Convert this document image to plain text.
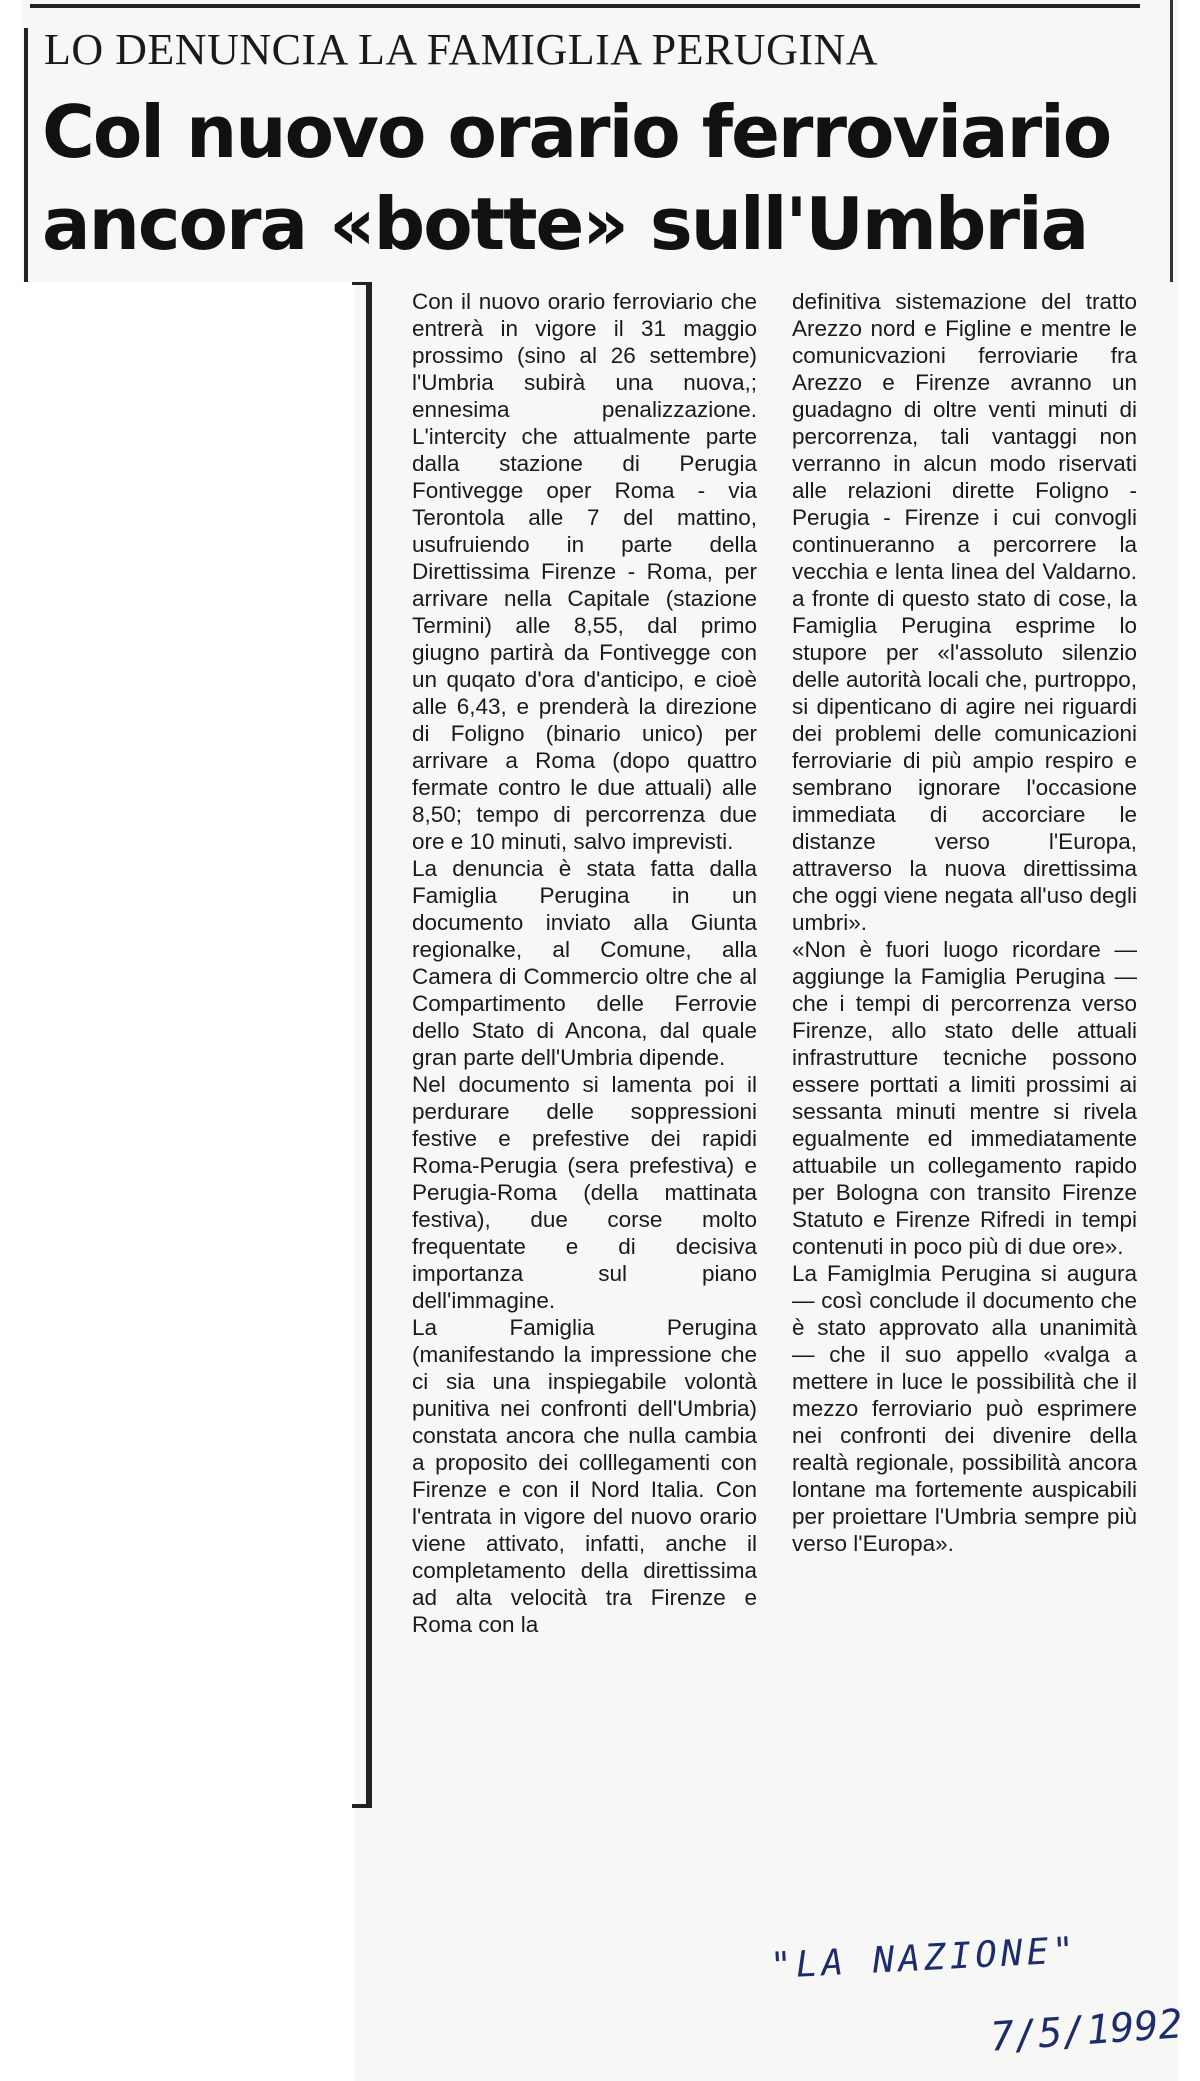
LO DENUNCIA LA FAMIGLIA PERUGINA
Col nuovo orario ferroviario
ancora «botte» sull'Umbria

Con il nuovo orario ferroviario che entrerà in vigore il 31 maggio prossimo (sino al 26 settembre) l'Umbria subirà una nuova,; ennesima penalizzazione. L'intercity che attualmente parte dalla stazione di Perugia Fontivegge oper Roma - via Terontola alle 7 del mattino, usufruiendo in parte della Direttissima Firenze - Roma, per arrivare nella Capitale (stazione Termini) alle 8,55, dal primo giugno partirà da Fontivegge con un quqato d'ora d'anticipo, e cioè alle 6,43, e prenderà la direzione di Foligno (binario unico) per arrivare a Roma (dopo quattro fermate contro le due attuali) alle 8,50; tempo di percorrenza due ore e 10 minuti, salvo imprevisti.

La denuncia è stata fatta dalla Famiglia Perugina in un documento inviato alla Giunta regionalke, al Comune, alla Camera di Commercio oltre che al Compartimento delle Ferrovie dello Stato di Ancona, dal quale gran parte dell'Umbria dipende.

Nel documento si lamenta poi il perdurare delle soppressioni festive e prefestive dei rapidi Roma-Perugia (sera prefestiva) e Perugia-Roma (della mattinata festiva), due corse molto frequentate e di decisiva importanza sul piano dell'immagine.

La Famiglia Perugina (manifestando la impressione che ci sia una inspiegabile volontà punitiva nei confronti dell'Umbria) constata ancora che nulla cambia a proposito dei colllegamenti con Firenze e con il Nord Italia. Con l'entrata in vigore del nuovo orario viene attivato, infatti, anche il completamento della direttissima ad alta velocità tra Firenze e Roma con la

definitiva sistemazione del tratto Arezzo nord e Figline e mentre le comunicvazioni ferroviarie fra Arezzo e Firenze avranno un guadagno di oltre venti minuti di percorrenza, tali vantaggi non verranno in alcun modo riservati alle relazioni dirette Foligno - Perugia - Firenze i cui convogli continueranno a percorrere la vecchia e lenta linea del Valdarno. a fronte di questo stato di cose, la Famiglia Perugina esprime lo stupore per «l'assoluto silenzio delle autorità locali che, purtroppo, si dipenticano di agire nei riguardi dei problemi delle comunicazioni ferroviarie di più ampio respiro e sembrano ignorare l'occasione immediata di accorciare le distanze verso l'Europa, attraverso la nuova direttissima che oggi viene negata all'uso degli umbri».

«Non è fuori luogo ricordare — aggiunge la Famiglia Perugina — che i tempi di percorrenza verso Firenze, allo stato delle attuali infrastrutture tecniche possono essere porttati a limiti prossimi ai sessanta minuti mentre si rivela egualmente ed immediatamente attuabile un collegamento rapido per Bologna con transito Firenze Statuto e Firenze Rifredi in tempi contenuti in poco più di due ore».

La Famiglmia Perugina si augura — così conclude il documento che è stato approvato alla unanimità — che il suo appello «valga a mettere in luce le possibilità che il mezzo ferroviario può esprimere nei confronti dei divenire della realtà regionale, possibilità ancora lontane ma fortemente auspicabili per proiettare l'Umbria sempre più verso l'Europa».

"LA NAZIONE"
7/5/1992
